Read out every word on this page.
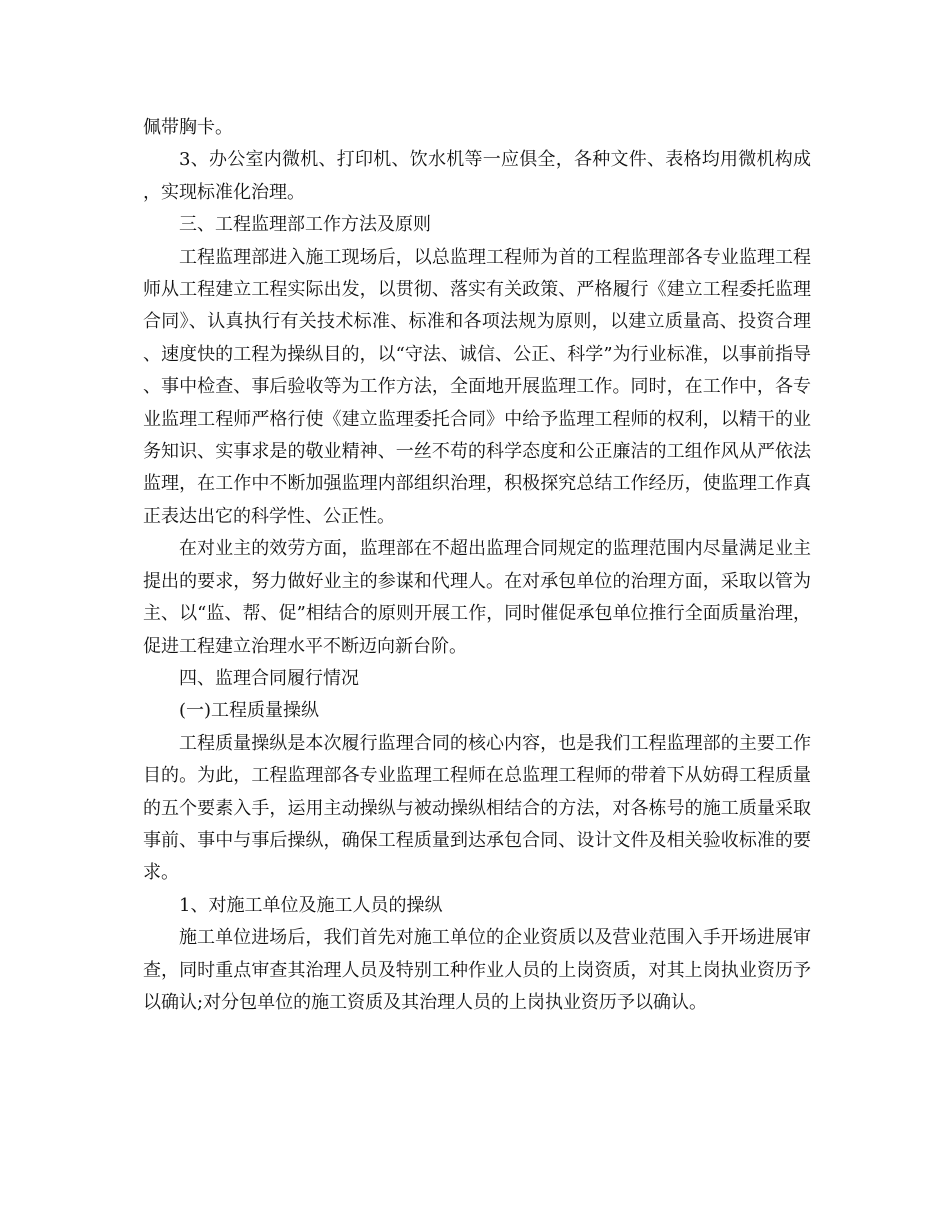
佩带胸卡。

3、办公室内微机、打印机、饮水机等一应俱全，各种文件、表格均用微机构成，实现标准化治理。

三、工程监理部工作方法及原则

工程监理部进入施工现场后，以总监理工程师为首的工程监理部各专业监理工程师从工程建立工程实际出发，以贯彻、落实有关政策、严格履行《建立工程委托监理合同》、认真执行有关技术标准、标准和各项法规为原则，以建立质量高、投资合理、速度快的工程为操纵目的，以“守法、诚信、公正、科学”为行业标准，以事前指导、事中检查、事后验收等为工作方法，全面地开展监理工作。同时，在工作中，各专业监理工程师严格行使《建立监理委托合同》中给予监理工程师的权利，以精干的业务知识、实事求是的敬业精神、一丝不苟的科学态度和公正廉洁的工组作风从严依法监理，在工作中不断加强监理内部组织治理，积极探究总结工作经历，使监理工作真正表达出它的科学性、公正性。

在对业主的效劳方面，监理部在不超出监理合同规定的监理范围内尽量满足业主提出的要求，努力做好业主的参谋和代理人。在对承包单位的治理方面，采取以管为主、以“监、帮、促”相结合的原则开展工作，同时催促承包单位推行全面质量治理，促进工程建立治理水平不断迈向新台阶。

四、监理合同履行情况

(一)工程质量操纵

工程质量操纵是本次履行监理合同的核心内容，也是我们工程监理部的主要工作目的。为此，工程监理部各专业监理工程师在总监理工程师的带着下从妨碍工程质量的五个要素入手，运用主动操纵与被动操纵相结合的方法，对各栋号的施工质量采取事前、事中与事后操纵，确保工程质量到达承包合同、设计文件及相关验收标准的要求。

1、对施工单位及施工人员的操纵

施工单位进场后，我们首先对施工单位的企业资质以及营业范围入手开场进展审查，同时重点审查其治理人员及特别工种作业人员的上岗资质，对其上岗执业资历予以确认;对分包单位的施工资质及其治理人员的上岗执业资历予以确认。
